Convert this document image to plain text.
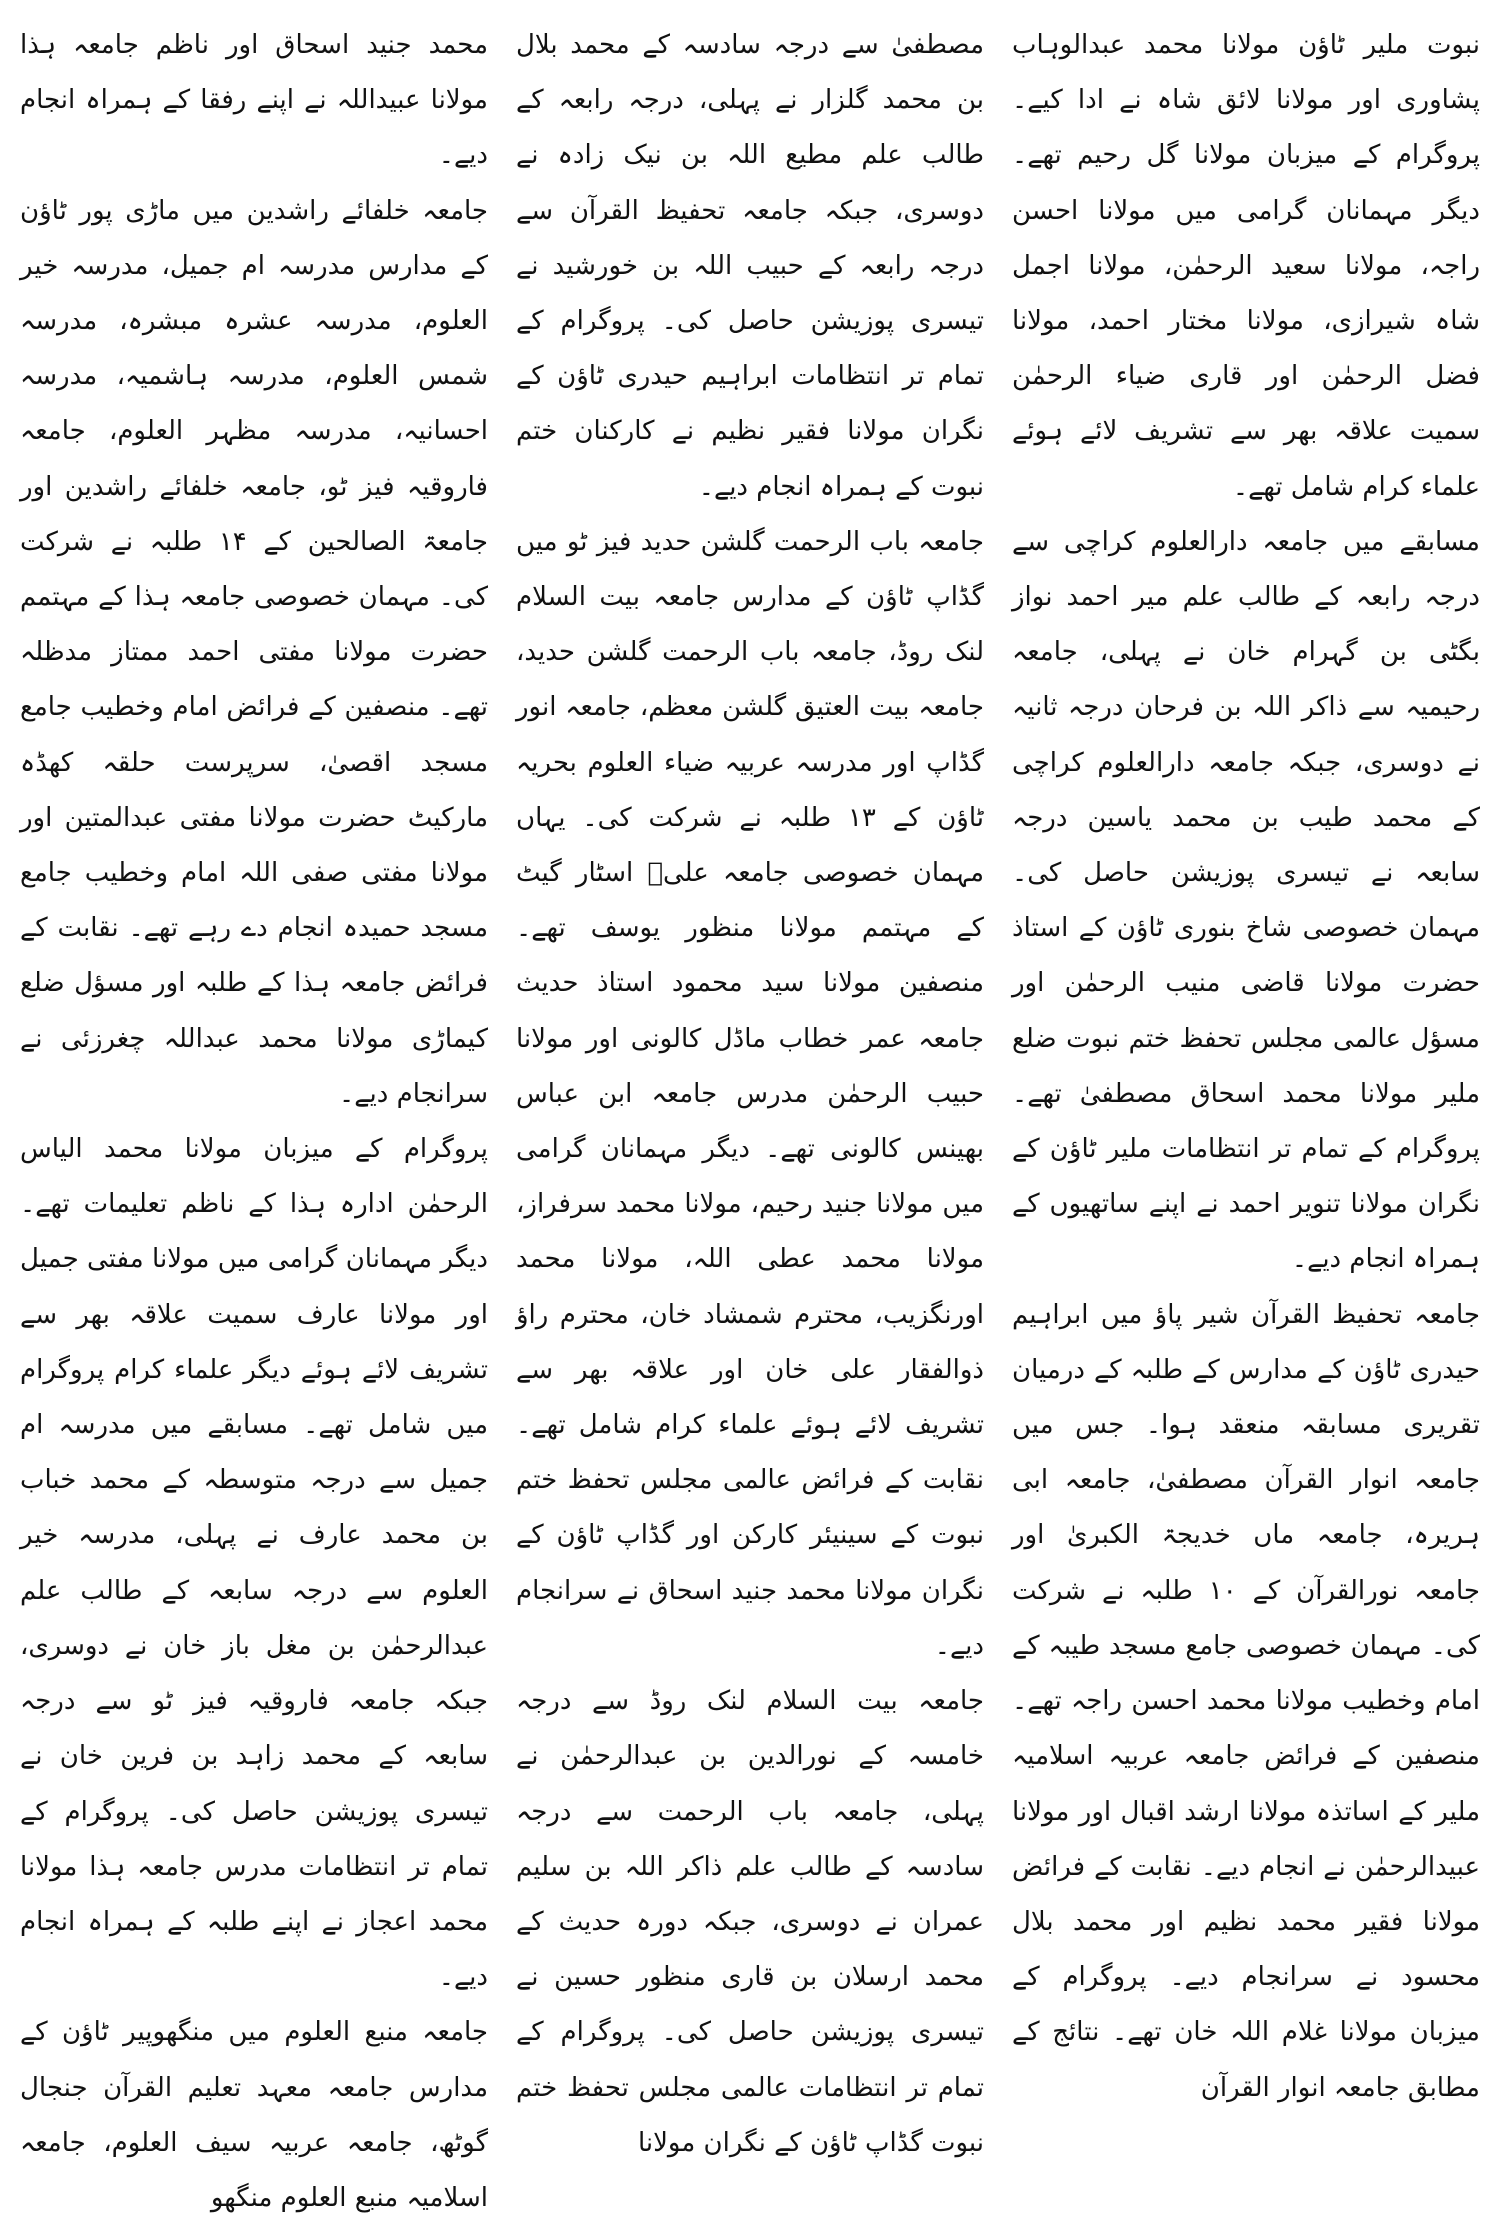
نبوت ملیر ٹاؤن مولانا محمد عبدالوہاب پشاوری اور مولانا لائق شاہ نے ادا کیے۔ پروگرام کے میزبان مولانا گل رحیم تھے۔ دیگر مہمانان گرامی میں مولانا احسن راجہ، مولانا سعید الرحمٰن، مولانا اجمل شاہ شیرازی، مولانا مختار احمد، مولانا فضل الرحمٰن اور قاری ضیاء الرحمٰن سمیت علاقہ بھر سے تشریف لائے ہوئے علماء کرام شامل تھے۔

مسابقے میں جامعہ دارالعلوم کراچی سے درجہ رابعہ کے طالب علم میر احمد نواز بگٹی بن گہرام خان نے پہلی، جامعہ رحیمیہ سے ذاکر اللہ بن فرحان درجہ ثانیہ نے دوسری، جبکہ جامعہ دارالعلوم کراچی کے محمد طیب بن محمد یاسین درجہ سابعہ نے تیسری پوزیشن حاصل کی۔ مہمان خصوصی شاخ بنوری ٹاؤن کے استاذ حضرت مولانا قاضی منیب الرحمٰن اور مسؤل عالمی مجلس تحفظ ختم نبوت ضلع ملیر مولانا محمد اسحاق مصطفیٰ تھے۔ پروگرام کے تمام تر انتظامات ملیر ٹاؤن کے نگران مولانا تنویر احمد نے اپنے ساتھیوں کے ہمراہ انجام دیے۔

جامعہ تحفیظ القرآن شیر پاؤ میں ابراہیم حیدری ٹاؤن کے مدارس کے طلبہ کے درمیان تقریری مسابقہ منعقد ہوا۔ جس میں جامعہ انوار القرآن مصطفیٰ، جامعہ ابی ہریرہ، جامعہ ماں خدیجۃ الکبریٰ اور جامعہ نورالقرآن کے ۱۰ طلبہ نے شرکت کی۔ مہمان خصوصی جامع مسجد طیبہ کے امام وخطیب مولانا محمد احسن راجہ تھے۔ منصفین کے فرائض جامعہ عربیہ اسلامیہ ملیر کے اساتذہ مولانا ارشد اقبال اور مولانا عبیدالرحمٰن نے انجام دیے۔ نقابت کے فرائض مولانا فقیر محمد نظیم اور محمد بلال محسود نے سرانجام دیے۔ پروگرام کے میزبان مولانا غلام اللہ خان تھے۔ نتائج کے مطابق جامعہ انوار القرآن

مصطفیٰ سے درجہ سادسہ کے محمد بلال بن محمد گلزار نے پہلی، درجہ رابعہ کے طالب علم مطیع اللہ بن نیک زادہ نے دوسری، جبکہ جامعہ تحفیظ القرآن سے درجہ رابعہ کے حبیب اللہ بن خورشید نے تیسری پوزیشن حاصل کی۔ پروگرام کے تمام تر انتظامات ابراہیم حیدری ٹاؤن کے نگران مولانا فقیر نظیم نے کارکنان ختم نبوت کے ہمراہ انجام دیے۔

جامعہ باب الرحمت گلشن حدید فیز ٹو میں گڈاپ ٹاؤن کے مدارس جامعہ بیت السلام لنک روڈ، جامعہ باب الرحمت گلشن حدید، جامعہ بیت العتیق گلشن معظم، جامعہ انور گڈاپ اور مدرسہ عربیہ ضیاء العلوم بحریہ ٹاؤن کے ۱۳ طلبہ نے شرکت کی۔ یہاں مہمان خصوصی جامعہ علیؓ اسٹار گیٹ کے مہتمم مولانا منظور یوسف تھے۔ منصفین مولانا سید محمود استاذ حدیث جامعہ عمر خطاب ماڈل کالونی اور مولانا حبیب الرحمٰن مدرس جامعہ ابن عباس بھینس کالونی تھے۔ دیگر مہمانان گرامی میں مولانا جنید رحیم، مولانا محمد سرفراز، مولانا محمد عطی اللہ، مولانا محمد اورنگزیب، محترم شمشاد خان، محترم راؤ ذوالفقار علی خان اور علاقہ بھر سے تشریف لائے ہوئے علماء کرام شامل تھے۔ نقابت کے فرائض عالمی مجلس تحفظ ختم نبوت کے سینیئر کارکن اور گڈاپ ٹاؤن کے نگران مولانا محمد جنید اسحاق نے سرانجام دیے۔

جامعہ بیت السلام لنک روڈ سے درجہ خامسہ کے نورالدین بن عبدالرحمٰن نے پہلی، جامعہ باب الرحمت سے درجہ سادسہ کے طالب علم ذاکر اللہ بن سلیم عمران نے دوسری، جبکہ دورہ حدیث کے محمد ارسلان بن قاری منظور حسین نے تیسری پوزیشن حاصل کی۔ پروگرام کے تمام تر انتظامات عالمی مجلس تحفظ ختم نبوت گڈاپ ٹاؤن کے نگران مولانا

محمد جنید اسحاق اور ناظم جامعہ ہذا مولانا عبیداللہ نے اپنے رفقا کے ہمراہ انجام دیے۔

جامعہ خلفائے راشدین میں ماڑی پور ٹاؤن کے مدارس مدرسہ ام جمیل، مدرسہ خیر العلوم، مدرسہ عشرہ مبشرہ، مدرسہ شمس العلوم، مدرسہ ہاشمیہ، مدرسہ احسانیہ، مدرسہ مظہر العلوم، جامعہ فاروقیہ فیز ٹو، جامعہ خلفائے راشدین اور جامعۃ الصالحین کے ۱۴ طلبہ نے شرکت کی۔ مہمان خصوصی جامعہ ہذا کے مہتمم حضرت مولانا مفتی احمد ممتاز مدظلہ تھے۔ منصفین کے فرائض امام وخطیب جامع مسجد اقصیٰ، سرپرست حلقہ کھڈہ مارکیٹ حضرت مولانا مفتی عبدالمتین اور مولانا مفتی صفی اللہ امام وخطیب جامع مسجد حمیدہ انجام دے رہے تھے۔ نقابت کے فرائض جامعہ ہذا کے طلبہ اور مسؤل ضلع کیماڑی مولانا محمد عبداللہ چغرزئی نے سرانجام دیے۔

پروگرام کے میزبان مولانا محمد الیاس الرحمٰن ادارہ ہذا کے ناظم تعلیمات تھے۔ دیگر مہمانان گرامی میں مولانا مفتی جمیل اور مولانا عارف سمیت علاقہ بھر سے تشریف لائے ہوئے دیگر علماء کرام پروگرام میں شامل تھے۔ مسابقے میں مدرسہ ام جمیل سے درجہ متوسطہ کے محمد خباب بن محمد عارف نے پہلی، مدرسہ خیر العلوم سے درجہ سابعہ کے طالب علم عبدالرحمٰن بن مغل باز خان نے دوسری، جبکہ جامعہ فاروقیہ فیز ٹو سے درجہ سابعہ کے محمد زاہد بن فرین خان نے تیسری پوزیشن حاصل کی۔ پروگرام کے تمام تر انتظامات مدرس جامعہ ہذا مولانا محمد اعجاز نے اپنے طلبہ کے ہمراہ انجام دیے۔

جامعہ منبع العلوم میں منگھوپیر ٹاؤن کے مدارس جامعہ معہد تعلیم القرآن جنجال گوٹھ، جامعہ عربیہ سیف العلوم، جامعہ اسلامیہ منبع العلوم منگھو
